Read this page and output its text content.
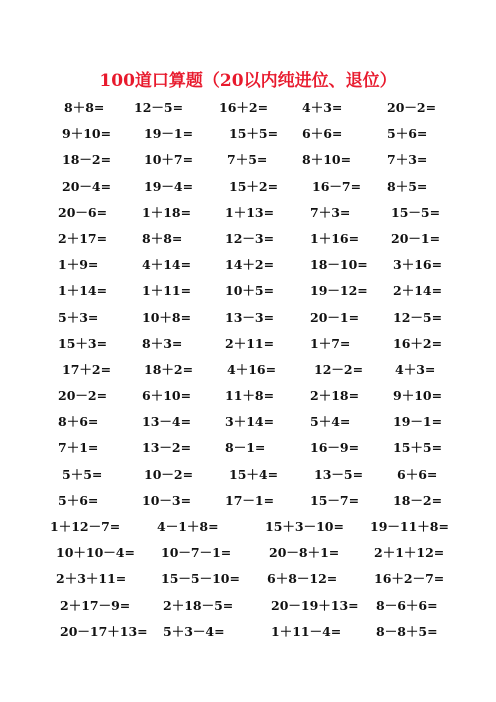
100道口算题（20以内纯进位、退位）
8＋8= 12－5=	16＋2=	4＋3=	20－2=
9＋10=	19－1=	15＋5= 6＋6=	5＋6=
18－2=	10＋7=	7＋5=	8＋10=	7＋3=
20－4=	19－4=	15＋2=	16－7= 8＋5=
20－6=	1＋18=	1＋13=	7＋3=	15－5=
2＋17=	8＋8=	12－3=	1＋16=	20－1=
1＋9=	4＋14=	14＋2=	18－10= 3＋16=
1＋14=	1＋11=	10＋5=	19－12= 2＋14=
5＋3=	10＋8=	13－3=	20－1=	12－5=
15＋3=	8＋3=	2＋11=	1＋7=	16＋2=
17＋2=	18＋2=	4＋16=	12－2=	4＋3=
20－2=	6＋10=	11＋8=	2＋18=	9＋10=
8＋6=	13－4=	3＋14=	5＋4=	19－1=
7＋1=	13－2=	8－1=	16－9=	15＋5=
5＋5=	10－2=	15＋4=	13－5=	6＋6=
5＋6=	10－3=	17－1=	15－7=	18－2=
1＋12－7=	4－1＋8=	15＋3－10= 19－11＋8=
10＋10－4= 10－7－1=	20－8＋1=	2＋1＋12=
2＋3＋11=	15－5－10= 6＋8－12=	16＋2－7=
2＋17－9=	2＋18－5=	20－19＋13= 8－6＋6=
20－17＋13= 5＋3－4=	1＋11－4=	8－8＋5=
